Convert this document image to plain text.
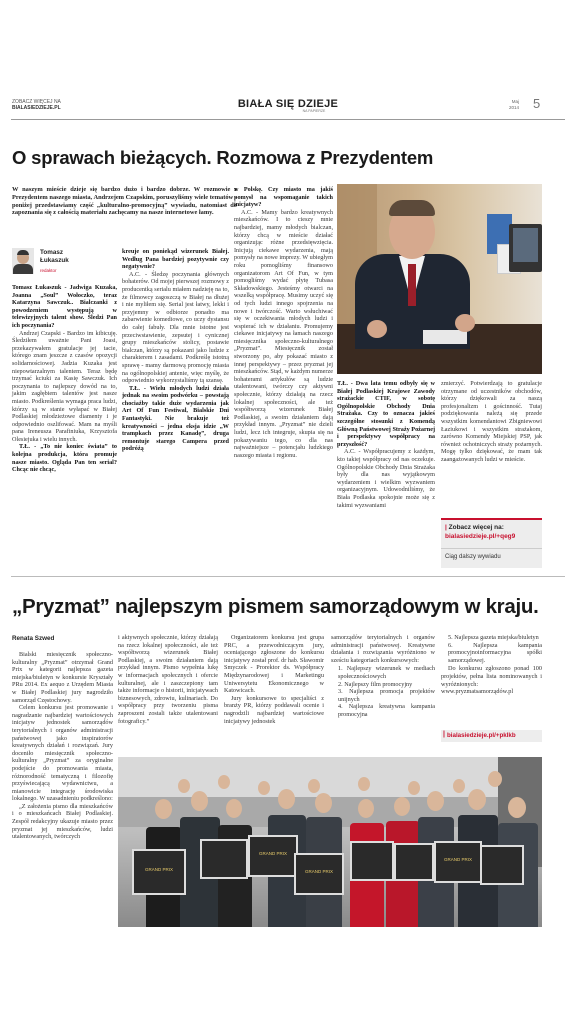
ZOBACZ WIĘCEJ NA
BIALASIEDZIEJE.PL	BIAŁA SIĘ DZIEJE
NA PAPIERZE
Maj
2014 5
O sprawach bieżących. Rozmowa z Prezydentem
W naszym mieście dzieje się bardzo dużo i bardzo dobrze. W rozmowie z Prezydentem naszego miasta, Andrzejem Czapskim, poruszyliśmy wiele tematów - poniżej przedstawiamy część „kulturalno-promocyjną” wywiadu, natomiast do zapoznania się z całością materiału zachęcamy na nasze internetowe łamy.
Tomasz Łukaszuk
redaktor

Tomasz Łukaszuk - Jadwiga Kuzaka, Joanna „Soul” Wołoczko, teraz Katarzyna Sawczuk.. Bialczanki z powodzeniem występują w telewizyjnych talent show. Śledzi Pan ich poczynania?

Andrzej Czapski - Bardzo im kibicuję. Śledziłem uważnie Pani Joasi, przekazywałem gratulacje jej tacie, którego znam jeszcze z czasów opozycji solidarnościowej. Jadzia Kuzaka jest niepowtarzalnym talentem. Teraz będę trzymać kciuki za Kasię Sawczuk. Ich poczynania to najlepszy dowód na to, jakim zagłębiem talentów jest nasze miasto. Podkreślenia wymaga praca ludzi, którzy są w stanie wyłapać w Białej Podlaskiej młodzieżowe diamenty i je odpowiednio oszlifować. Mam na myśli pana Ireneusza Parafiniuka, Krzysztofa Olesiejuka i wielu innych.

T.Ł. - „To nie koniec świata” to kolejna produkcja, która promuje nasze miasto. Ogląda Pan ten serial? Chcąc nie chcąc,

kreuje on poniekąd wizerunek Białej. Według Pana bardziej pozytywnie czy negatywnie?

A.C. - Śledzę poczynania głównych bohaterów. Od mojej pierwszej rozmowy z producentką serialu miałem nadzieję na to, że filmowcy zagoszczą w Białej na dłużej i nie myliłem się. Serial jest łatwy, lekki i przyjemny w odbiorze ponadto ma zabarwienie komediowe, co uczy dystansu do całej fabuły. Dla mnie istotne jest przeciwstawienie, zepsutej i cynicznej grupy mieszkańców stolicy, postawie bialczan, którzy są pokazani jako ludzie z charakterem i zasadami. Podkreślę istotną sprawę - mamy darmową promocję miasta na ogólnopolskiej antenie, więc myślę, że odpowiednio wykorzystaliśmy tą szansę.

T.Ł. - Wielu młodych ludzi działa jednak na swoim podwórku – powstają chociażby takie duże wydarzenia jak Art Of Fun Festiwal, Bialskie Dni Fantastyki. Nie brakuje też kreatywności – jedna eksja idzie „W trampkach przez Kanadę”, druga remontuje starego Campera przed podróżą

w Polskę. Czy miasto ma jakiś pomysł na wspomaganie takich inicjatyw?

A.C. - Mamy bardzo kreatywnych mieszkańców. I to cieszy mnie najbardziej, mamy młodych bialczan, którzy chcą w mieście działać organizując różne przedsięwzięcia. Inicjują ciekawe wydarzenia, mają pomysły na nowe imprezy. W ubiegłym roku pomogliśmy finansowo organizatorom Art Of Fun, w tym pomogliśmy wydać płytę Tubasa Składowskiego. Jesteśmy otwarci na wszelką współpracę. Musimy uczyć się od tych ludzi innego spojrzenia na nowe i twórczość. Warto wsłuchiwać się w oczekiwania młodych ludzi i wspierać ich w działaniu. Promujemy ciekawe inicjatywy na łamach naszego miesięcznika społeczno-kulturalnego „Pryzmat”. Miesięcznik został stworzony po, aby pokazać miasto z innej perspektywy – przez pryzmat jej mieszkańców. Stąd, w każdym numerze bohaterami artykułów są ludzie utalentowani, twórczy czy aktywni społecznie, którzy działają na rzecz lokalnej społeczności, ale też współtworzą wizerunek Białej Podlaskiej, a swoim działaniem dają przykład innym. „Pryzmat” nie dzieli ludzi, lecz ich integruje, skupia się na pokazywaniu tego, co dla nas najważniejsze – potencjału ludzkiego naszego miasta i regionu.

T.Ł. - Dwa lata temu odbyły się w Białej Podlaskiej Krajowe Zawody strażackie CTIF, w sobotę Ogólnopolskie Obchody Dnia Strażaka. Czy to oznacza jakieś szczególne stosunki z Komendą Główną Państwowej Straży Pożarnej i perspektywy współpracy na przyszłość?

A.C. - Współpracujemy z każdym, kto takiej współpracy od nas oczekuje. Ogólnopolskie Obchody Dnia Strażaka były dla nas wyjątkowym wydarzeniem i wielkim wyzwaniem organizacyjnym. Udowodniliśmy, że Biała Podlaska spokojnie może się z takimi wyzwaniami

zmierzyć. Potwierdzają to gratulacje otrzymane od uczestników obchodów, którzy dziękowali za naszą profesjonalizm i gościnność. Tutaj podziękowania należą się przede wszystkim komendantowi Zbigniewowi Łaziukowi i wszystkim strażakom, zarówno Komendy Miejskiej PSP, jak również ochotniczych straży pożarnych. Mogę tylko dziękować, że mam tak zaangażowanych ludzi w mieście.

| Zobacz więcej na:
bialasiedzieje.pl/+qeg9
Ciąg dalszy wywiadu
„Pryzmat” najlepszym pismem samorządowym w kraju.
Renata Szwed

Bialski miesięcznik społeczno-kulturalny „Pryzmat” otrzymał Grand Prix w kategorii najlepsza gazeta miejska/biuletyn w konkursie Kryształy PRu 2014. Ex aequo z Urzędem Miasta w Białej Podlaskiej jury nagrodziło samorząd Częstochowy.

Celem konkursu jest promowanie i nagradzanie najbardziej wartościowych inicjatyw jednostek samorządów terytorialnych i organów administracji państwowej jako inspiratorów kreatywnych działań i rozwiązań. Jury doceniło miesięcznik społeczno-kulturalny „Pryzmat” za oryginalne podejście do promowania miasta, różnorodność tematyczną i filozofię przyświecającą wydawnictwu, a mianowicie integrację środowiska lokalnego. W uzasadnieniu podkreślono:

„Z założenia pismo dla mieszkańców i o mieszkańcach Białej Podlaskiej. Zespół redakcyjny ukazuje miasto przez pryzmat jej mieszkańców, ludzi utalentowanych, twórczych

i aktywnych społecznie, którzy działają na rzecz lokalnej społeczności, ale też współtworzą wizerunek Białej Podlaskiej, a swoim działaniem dają przykład innym. Pismo wypełnia lukę w informacjach społecznych i ofercie kulturalnej, ale i zaszczepiony tam także informacje o historii, inicjatywach biznesowych, zdrowiu, kulinariach. Do współpracy przy tworzeniu pisma zaproszeni zostali także utalentowani fotograficy.”

Organizatorem konkursu jest grupa PRC, a przewodniczącym jury, oceniającego zgłoszone do konkursu inicjatywy został prof. dr hab. Sławomir Smyczek - Prorektor ds. Współpracy Międzynarodowej i Marketingu Uniwersytetu Ekonomicznego w Katowicach.

Jury konkursowe to specjaliści z branży PR, którzy poddawali ocenie i nagrodzili najbardziej wartościowe inicjatywy jednostek

samorządów terytorialnych i organów administracji państwowej. Kreatywne działania i rozwiązania wyróżniono w sześciu kategoriach konkursowych:

1. Najlepszy wizerunek w mediach społecznościowych
2. Najlepszy film promocyjny
3. Najlepsza promocja projektów unijnych
4. Najlepsza kreatywna kampania promocyjna
5. Najlepsza gazeta miejska/biuletyn
6. Najlepsza kampania promocyjnoinformacyjna spółki samorządowej.

Do konkursu zgłoszono ponad 100 projektów, pełna lista nominowanych i wyróżnionych: www.pryzmatsamorządów.pl

| bialasiedzieje.pl/+pklkb
GRAND PRIX
GRAND PRIX
GRAND PRIX
GRAND PRIX
